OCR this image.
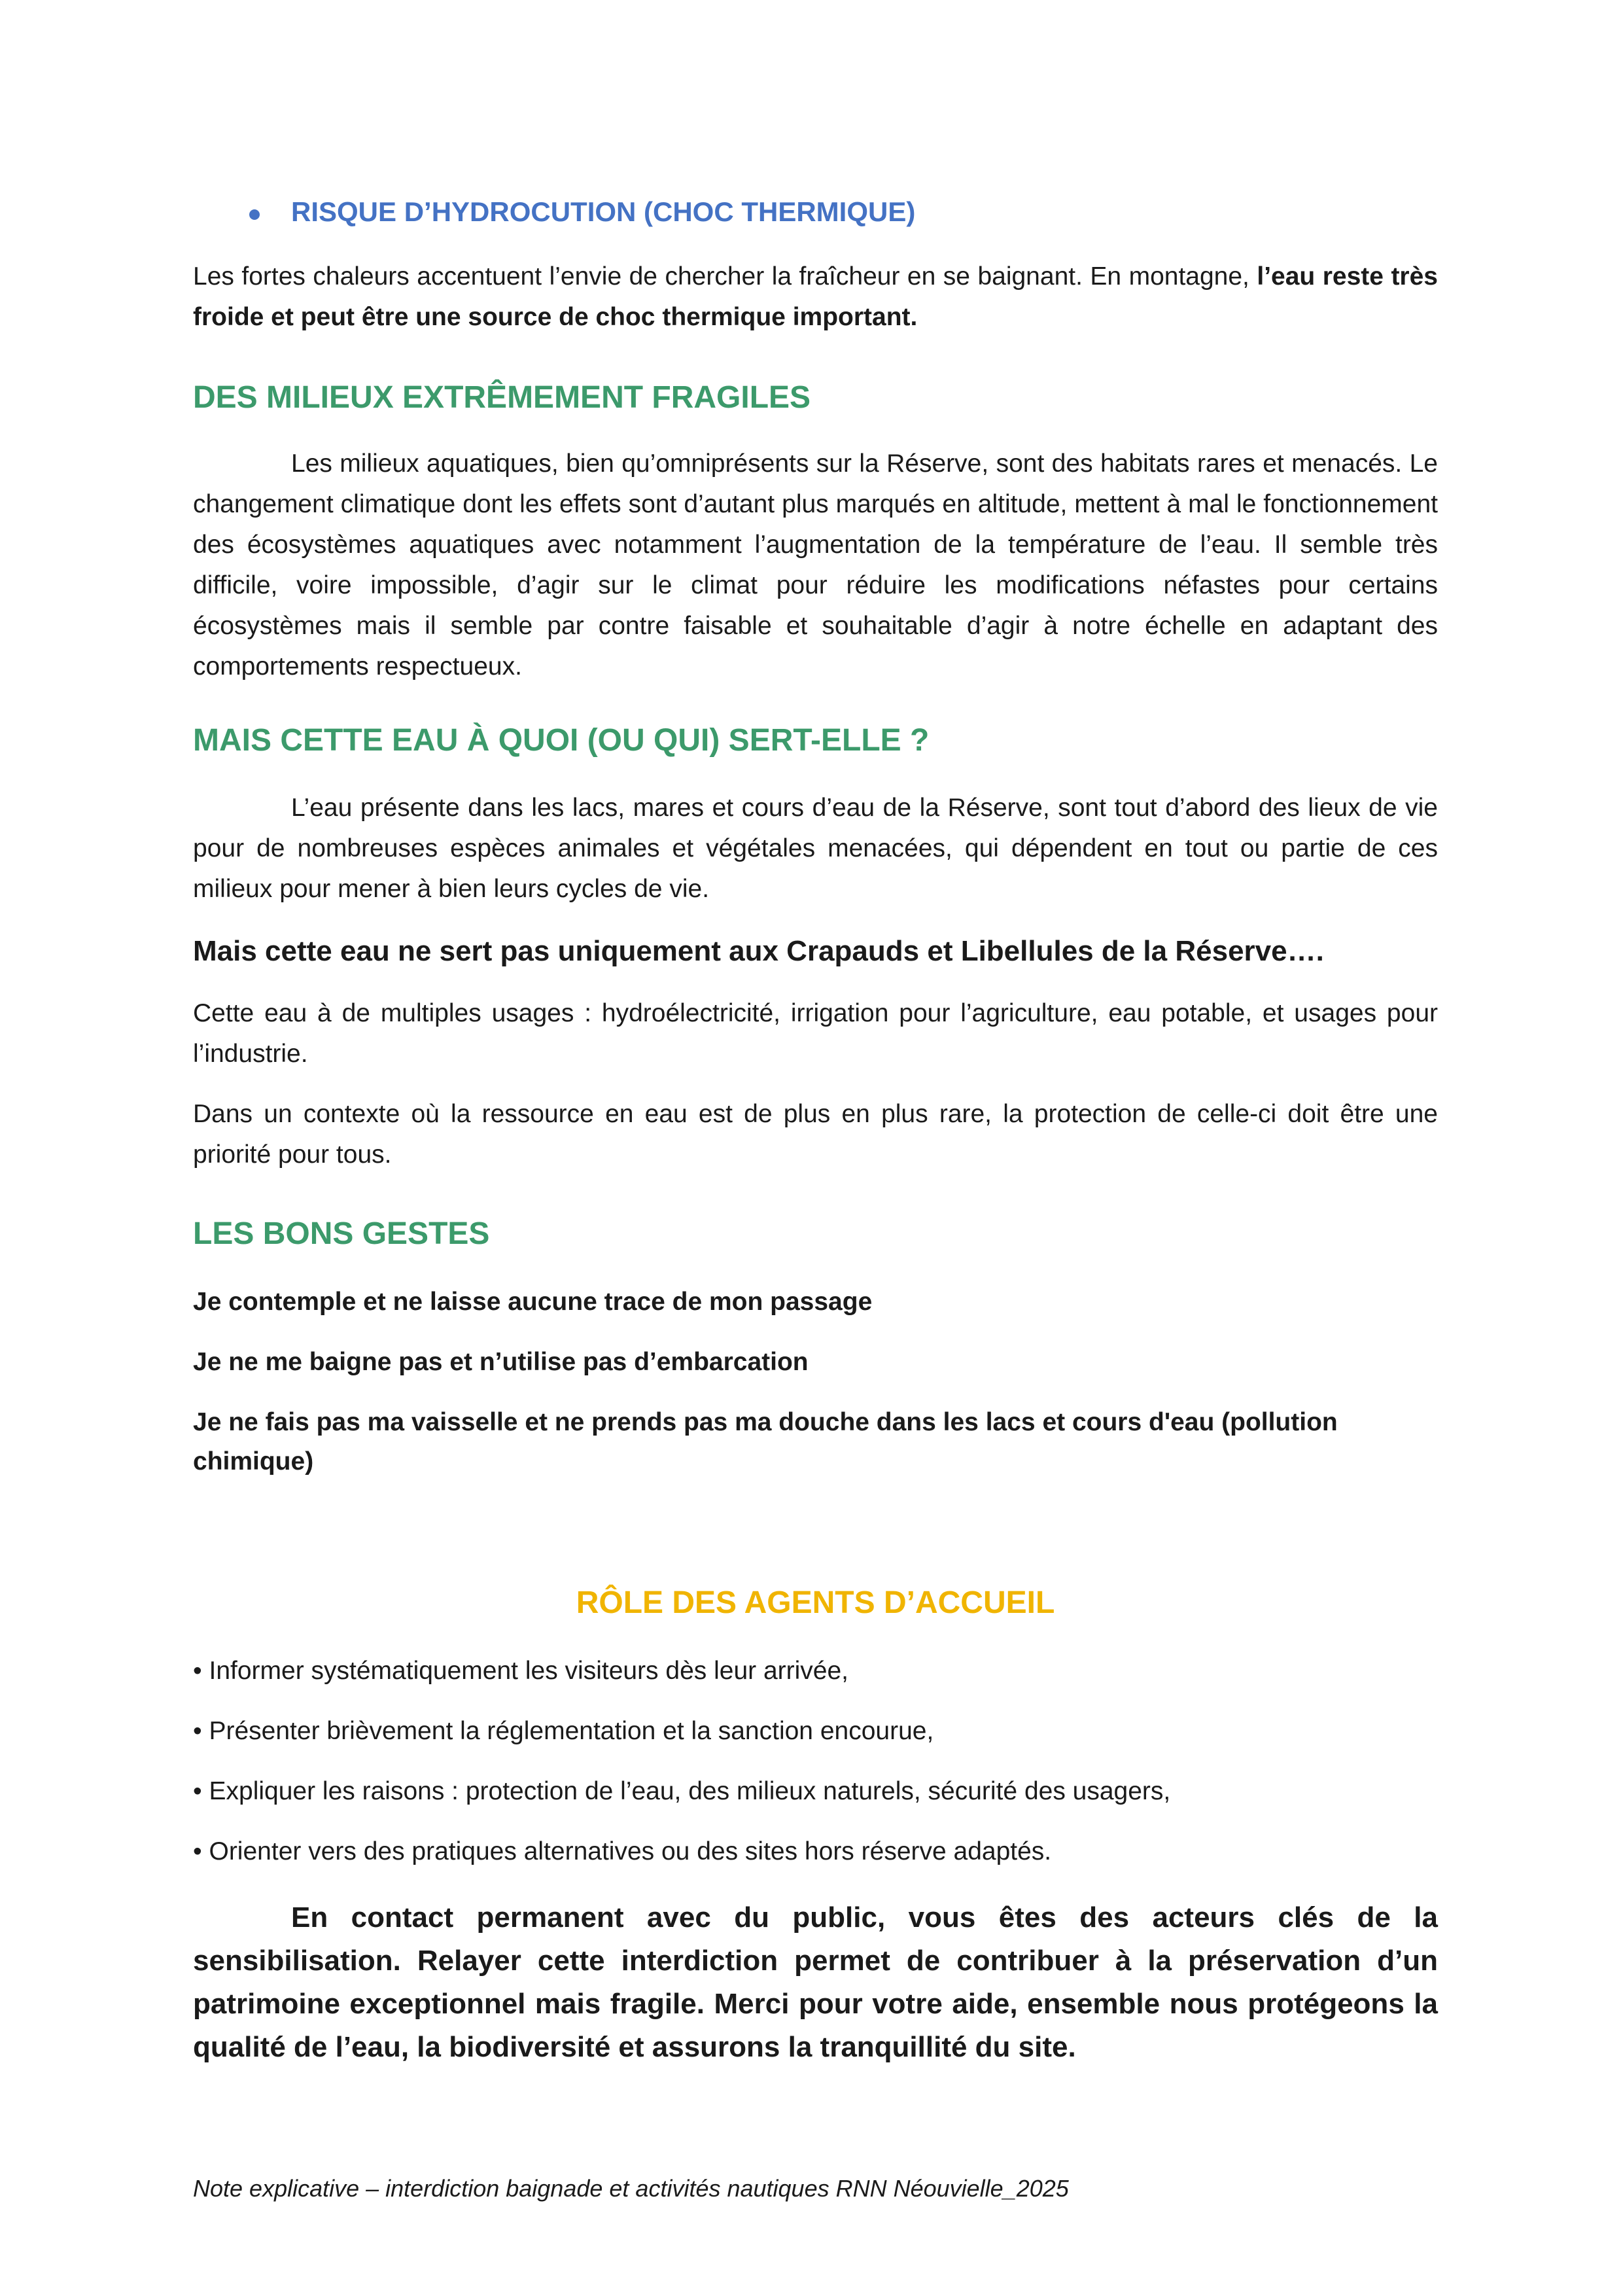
RISQUE D’HYDROCUTION (CHOC THERMIQUE)

Les fortes chaleurs accentuent l’envie de chercher la fraîcheur en se baignant. En montagne, l’eau reste très froide et peut être une source de choc thermique important.

DES MILIEUX EXTRÊMEMENT FRAGILES

Les milieux aquatiques, bien qu’omniprésents sur la Réserve, sont des habitats rares et menacés. Le changement climatique dont les effets sont d’autant plus marqués en altitude, mettent à mal le fonctionnement des écosystèmes aquatiques avec notamment l’augmentation de la température de l’eau. Il semble très difficile, voire impossible, d’agir sur le climat pour réduire les modifications néfastes pour certains écosystèmes mais il semble par contre faisable et souhaitable d’agir à notre échelle en adaptant des comportements respectueux.

MAIS CETTE EAU À QUOI (OU QUI) SERT-ELLE ?

L’eau présente dans les lacs, mares et cours d’eau de la Réserve, sont tout d’abord des lieux de vie pour de nombreuses espèces animales et végétales menacées, qui dépendent en tout ou partie de ces milieux pour mener à bien leurs cycles de vie.

Mais cette eau ne sert pas uniquement aux Crapauds et Libellules de la Réserve….

Cette eau à de multiples usages : hydroélectricité, irrigation pour l’agriculture, eau potable, et usages pour l’industrie.

Dans un contexte où la ressource en eau est de plus en plus rare, la protection de celle-ci doit être une priorité pour tous.

LES BONS GESTES
Je contemple et ne laisse aucune trace de mon passage
Je ne me baigne pas et n’utilise pas d’embarcation
Je ne fais pas ma vaisselle et ne prends pas ma douche dans les lacs et cours d'eau (pollution chimique)
RÔLE DES AGENTS D’ACCUEIL
• Informer systématiquement les visiteurs dès leur arrivée,
• Présenter brièvement la réglementation et la sanction encourue,
• Expliquer les raisons : protection de l’eau, des milieux naturels, sécurité des usagers,
• Orienter vers des pratiques alternatives ou des sites hors réserve adaptés.

En contact permanent avec du public, vous êtes des acteurs clés de la sensibilisation. Relayer cette interdiction permet de contribuer à la préservation d’un patrimoine exceptionnel mais fragile. Merci pour votre aide, ensemble nous protégeons la qualité de l’eau, la biodiversité et assurons la tranquillité du site.

Note explicative – interdiction baignade et activités nautiques RNN Néouvielle_2025
